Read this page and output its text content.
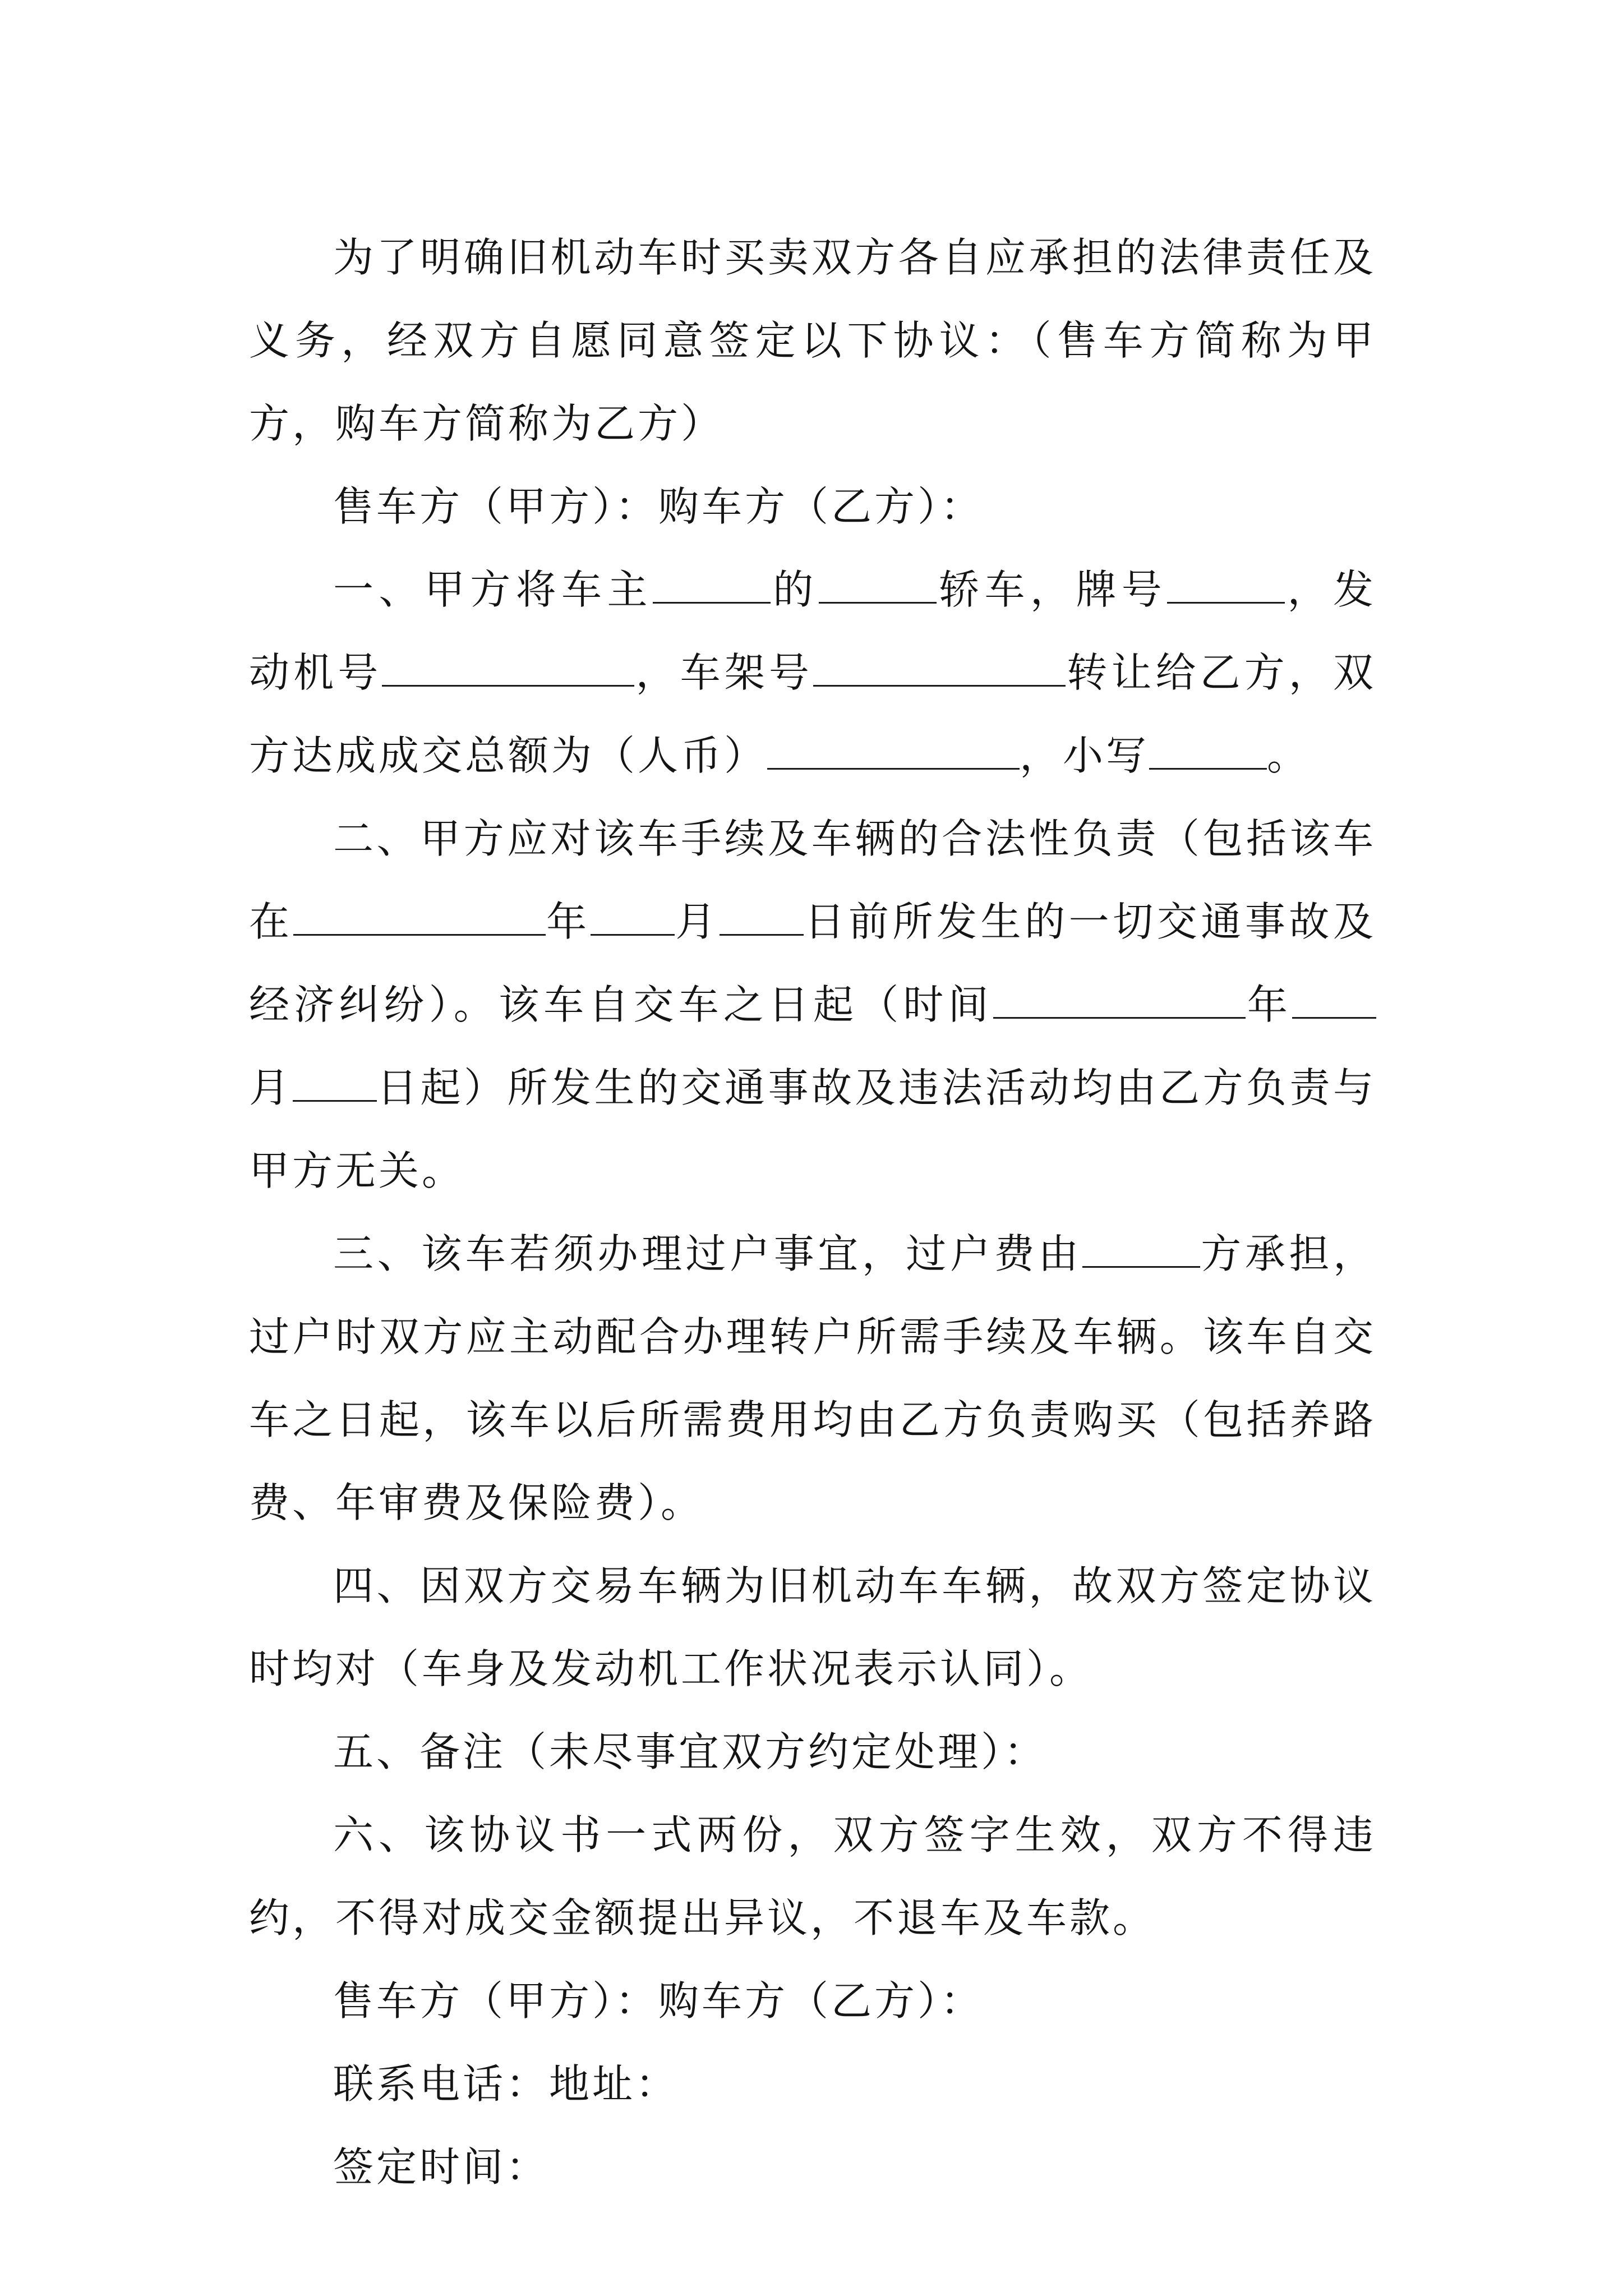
为了明确旧机动车时买卖双方各自应承担的法律责任及义务，经双方自愿同意签定以下协议：（售车方简称为甲方，购车方简称为乙方）

售车方（甲方）：购车方（乙方）：

一、甲方将车主	的	轿车，牌号	，发动机号	，车架号	转让给乙方，双方达成成交总额为（人币）	，小写	。

二、甲方应对该车手续及车辆的合法性负责（包括该车在	年 月 日前所发生的一切交通事故及经济纠纷）。该车自交车之日起（时间	年月 日起）所发生的交通事故及违法活动均由乙方负责与甲方无关。

三、该车若须办理过户事宜，过户费由	方承担，过户时双方应主动配合办理转户所需手续及车辆。该车自交车之日起，该车以后所需费用均由乙方负责购买（包括养路费、年审费及保险费）。

四、因双方交易车辆为旧机动车车辆，故双方签定协议时均对（车身及发动机工作状况表示认同）。

五、备注（未尽事宜双方约定处理）：

六、该协议书一式两份，双方签字生效，双方不得违约，不得对成交金额提出异议，不退车及车款。

售车方（甲方）：购车方（乙方）：

联系电话：地址：

签定时间：
